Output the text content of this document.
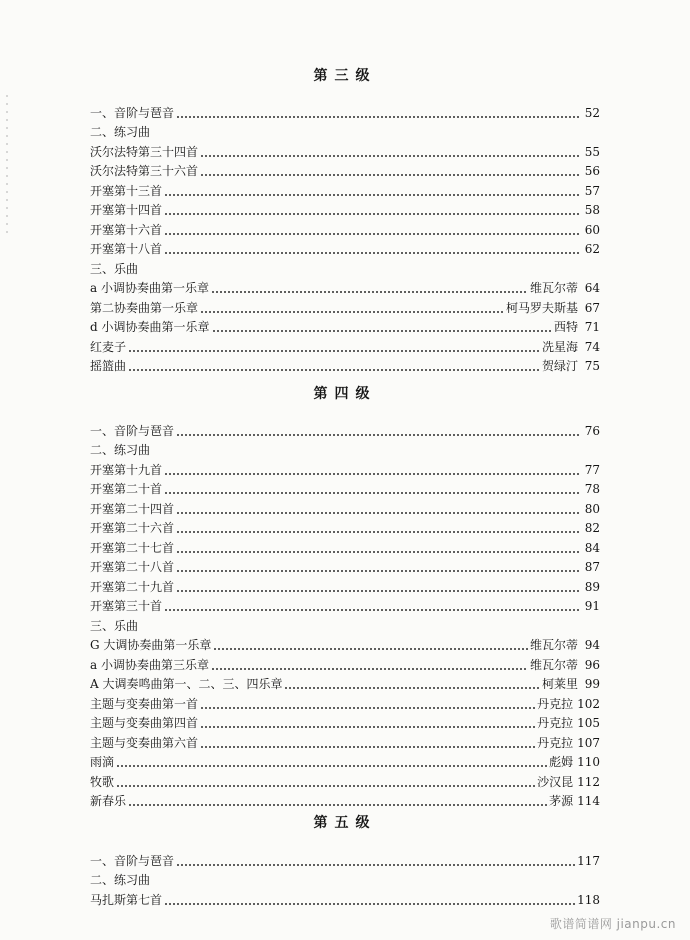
第三级
一、音阶与琶音	52
二、练习曲
沃尔法特第三十四首	55
沃尔法特第三十六首	56
开塞第十三首	57
开塞第十四首	58
开塞第十六首	60
开塞第十八首	62
三、乐曲
a 小调协奏曲第一乐章	维瓦尔蒂 64
第二协奏曲第一乐章	柯马罗夫斯基 67
d 小调协奏曲第一乐章	西特 71
红麦子	冼星海 74
摇篮曲	贺绿汀 75
第四级
一、音阶与琶音	76
二、练习曲
开塞第十九首	77
开塞第二十首	78
开塞第二十四首	80
开塞第二十六首	82
开塞第二十七首	84
开塞第二十八首	87
开塞第二十九首	89
开塞第三十首	91
三、乐曲
G 大调协奏曲第一乐章	维瓦尔蒂 94
a 小调协奏曲第三乐章	维瓦尔蒂 96
A 大调奏鸣曲第一、二、三、四乐章	柯莱里 99
主题与变奏曲第一首	丹克拉 102
主题与变奏曲第四首	丹克拉 105
主题与变奏曲第六首	丹克拉 107
雨滴	彪姆 110
牧歌	沙汉昆 112
新春乐	茅源 114
第五级
一、音阶与琶音	117
二、练习曲
马扎斯第七首	118
歌谱简谱网 jianpu.cn
